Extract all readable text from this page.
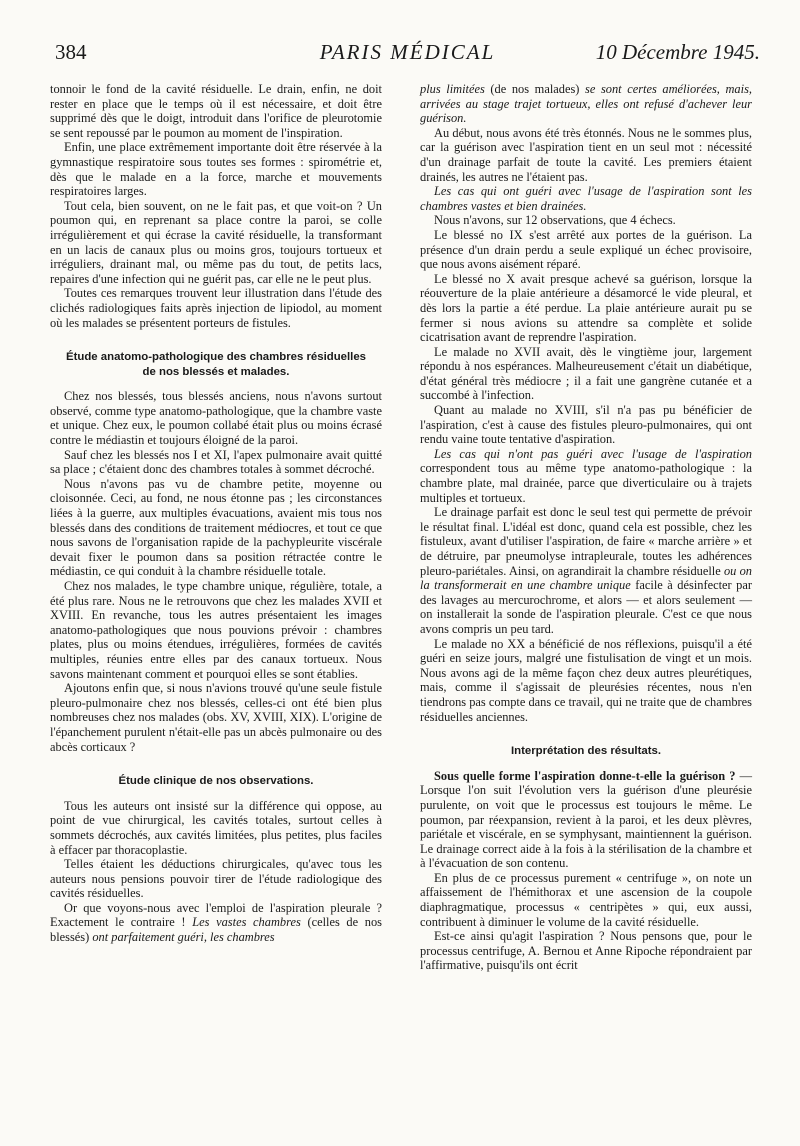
384	PARIS MÉDICAL	10 Décembre 1945.

tonnoir le fond de la cavité résiduelle. Le drain, enfin, ne doit rester en place que le temps où il est nécessaire, et doit être supprimé dès que le doigt, introduit dans l'orifice de pleurotomie se sent repoussé par le poumon au moment de l'inspiration.

Enfin, une place extrêmement importante doit être réservée à la gymnastique respiratoire sous toutes ses formes : spirométrie et, dès que le malade en a la force, marche et mouvements respiratoires larges.

Tout cela, bien souvent, on ne le fait pas, et que voit-on ? Un poumon qui, en reprenant sa place contre la paroi, se colle irrégulièrement et qui écrase la cavité résiduelle, la transformant en un lacis de canaux plus ou moins gros, toujours tortueux et irréguliers, drainant mal, ou même pas du tout, de petits lacs, repaires d'une infection qui ne guérit pas, car elle ne le peut plus.

Toutes ces remarques trouvent leur illustration dans l'étude des clichés radiologiques faits après injection de lipiodol, au moment où les malades se présentent porteurs de fistules.

Étude anatomo-pathologique des chambres résiduelles de nos blessés et malades.

Chez nos blessés, tous blessés anciens, nous n'avons surtout observé, comme type anatomo-pathologique, que la chambre vaste et unique. Chez eux, le poumon collabé était plus ou moins écrasé contre le médiastin et toujours éloigné de la paroi.

Sauf chez les blessés nos I et XI, l'apex pulmonaire avait quitté sa place ; c'étaient donc des chambres totales à sommet décroché.

Nous n'avons pas vu de chambre petite, moyenne ou cloisonnée. Ceci, au fond, ne nous étonne pas ; les circonstances liées à la guerre, aux multiples évacuations, avaient mis tous nos blessés dans des conditions de traitement médiocres, et tout ce que nous savons de l'organisation rapide de la pachypleurite viscérale devait fixer le poumon dans sa position rétractée contre le médiastin, ce qui conduit à la chambre résiduelle totale.

Chez nos malades, le type chambre unique, régulière, totale, a été plus rare. Nous ne le retrouvons que chez les malades XVII et XVIII. En revanche, tous les autres présentaient les images anatomo-pathologiques que nous pouvions prévoir : chambres plates, plus ou moins étendues, irrégulières, formées de cavités multiples, réunies entre elles par des canaux tortueux. Nous savons maintenant comment et pourquoi elles se sont établies.

Ajoutons enfin que, si nous n'avions trouvé qu'une seule fistule pleuro-pulmonaire chez nos blessés, celles-ci ont été bien plus nombreuses chez nos malades (obs. XV, XVIII, XIX). L'origine de l'épanchement purulent n'était-elle pas un abcès pulmonaire ou des abcès corticaux ?

Étude clinique de nos observations.

Tous les auteurs ont insisté sur la différence qui oppose, au point de vue chirurgical, les cavités totales, surtout celles à sommets décrochés, aux cavités limitées, plus petites, plus faciles à effacer par thoracoplastie.

Telles étaient les déductions chirurgicales, qu'avec tous les auteurs nous pensions pouvoir tirer de l'étude radiologique des cavités résiduelles.

Or que voyons-nous avec l'emploi de l'aspiration pleurale ? Exactement le contraire ! Les vastes chambres (celles de nos blessés) ont parfaitement guéri, les chambres

plus limitées (de nos malades) se sont certes améliorées, mais, arrivées au stage trajet tortueux, elles ont refusé d'achever leur guérison.

Au début, nous avons été très étonnés. Nous ne le sommes plus, car la guérison avec l'aspiration tient en un seul mot : nécessité d'un drainage parfait de toute la cavité. Les premiers étaient drainés, les autres ne l'étaient pas.

Les cas qui ont guéri avec l'usage de l'aspiration sont les chambres vastes et bien drainées.

Nous n'avons, sur 12 observations, que 4 échecs.

Le blessé no IX s'est arrêté aux portes de la guérison. La présence d'un drain perdu a seule expliqué un échec provisoire, que nous avons aisément réparé.

Le blessé no X avait presque achevé sa guérison, lorsque la réouverture de la plaie antérieure a désamorcé le vide pleural, et dès lors la partie a été perdue. La plaie antérieure aurait pu se fermer si nous avions su attendre sa complète et solide cicatrisation avant de reprendre l'aspiration.

Le malade no XVII avait, dès le vingtième jour, largement répondu à nos espérances. Malheureusement c'était un diabétique, d'état général très médiocre ; il a fait une gangrène cutanée et a succombé à l'infection.

Quant au malade no XVIII, s'il n'a pas pu bénéficier de l'aspiration, c'est à cause des fistules pleuro-pulmonaires, qui ont rendu vaine toute tentative d'aspiration.

Les cas qui n'ont pas guéri avec l'usage de l'aspiration correspondent tous au même type anatomo-pathologique : la chambre plate, mal drainée, parce que diverticulaire ou à trajets multiples et tortueux.

Le drainage parfait est donc le seul test qui permette de prévoir le résultat final. L'idéal est donc, quand cela est possible, chez les fistuleux, avant d'utiliser l'aspiration, de faire « marche arrière » et de détruire, par pneumolyse intrapleurale, toutes les adhérences pleuro-pariétales. Ainsi, on agrandirait la chambre résiduelle ou on la transformerait en une chambre unique facile à désinfecter par des lavages au mercurochrome, et alors — et alors seulement — on installerait la sonde de l'aspiration pleurale. C'est ce que nous avons compris un peu tard.

Le malade no XX a bénéficié de nos réflexions, puisqu'il a été guéri en seize jours, malgré une fistulisation de vingt et un mois. Nous avons agi de la même façon chez deux autres pleurétiques, mais, comme il s'agissait de pleurésies récentes, nous n'en tiendrons pas compte dans ce travail, qui ne traite que de chambres résiduelles anciennes.

Interprétation des résultats.

Sous quelle forme l'aspiration donne-t-elle la guérison ? — Lorsque l'on suit l'évolution vers la guérison d'une pleurésie purulente, on voit que le processus est toujours le même. Le poumon, par réexpansion, revient à la paroi, et les deux plèvres, pariétale et viscérale, en se symphysant, maintiennent la guérison. Le drainage correct aide à la fois à la stérilisation de la chambre et à l'évacuation de son contenu.

En plus de ce processus purement « centrifuge », on note un affaissement de l'hémithorax et une ascension de la coupole diaphragmatique, processus « centripètes » qui, eux aussi, contribuent à diminuer le volume de la cavité résiduelle.

Est-ce ainsi qu'agit l'aspiration ? Nous pensons que, pour le processus centrifuge, A. Bernou et Anne Ripoche répondraient par l'affirmative, puisqu'ils ont écrit
